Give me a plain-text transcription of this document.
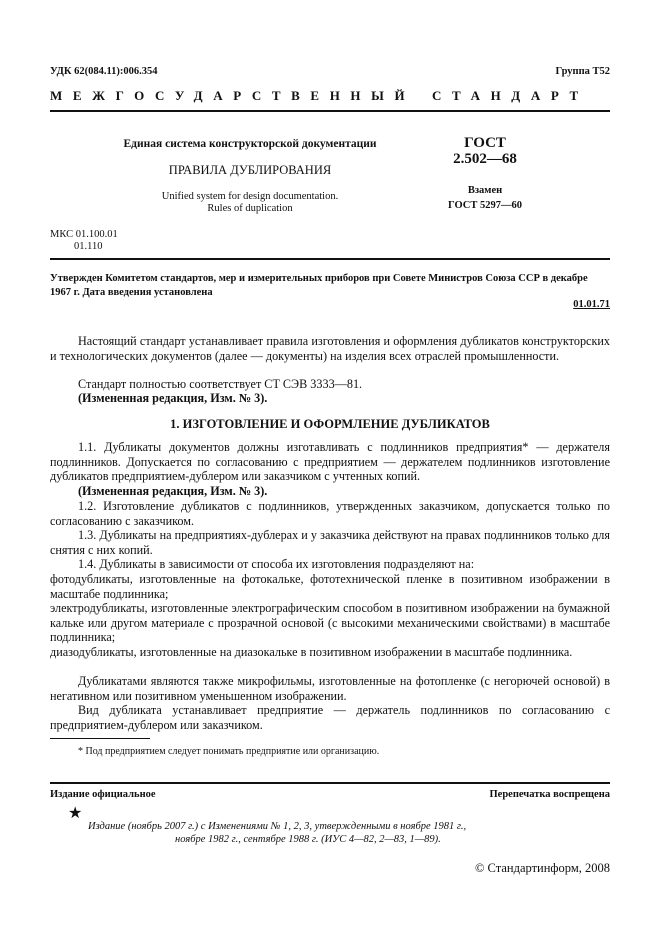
УДК 62(084.11):006.354	Группа Т52
МЕЖГОСУДАРСТВЕННЫЙ СТАНДАРТ
Единая система конструкторской документации
ПРАВИЛА ДУБЛИРОВАНИЯ
Unified system for design documentation.
Rules of duplication
ГОСТ
2.502—68
Взамен
ГОСТ 5297—60
МКС 01.100.01
01.110
Утвержден Комитетом стандартов, мер и измерительных приборов при Совете Министров Союза ССР в декабре 1967 г. Дата введения установлена
01.01.71
Настоящий стандарт устанавливает правила изготовления и оформления дубликатов конструкторских и технологических документов (далее — документы) на изделия всех отраслей промышленности.
Стандарт полностью соответствует СТ СЭВ 3333—81.
(Измененная редакция, Изм. № 3).
1. ИЗГОТОВЛЕНИЕ И ОФОРМЛЕНИЕ ДУБЛИКАТОВ
1.1. Дубликаты документов должны изготавливать с подлинников предприятия* — держателя подлинников. Допускается по согласованию с предприятием — держателем подлинников изготовление дубликатов предприятием-дублером или заказчиком с учтенных копий.
(Измененная редакция, Изм. № 3).
1.2. Изготовление дубликатов с подлинников, утвержденных заказчиком, допускается только по согласованию с заказчиком.
1.3. Дубликаты на предприятиях-дублерах и у заказчика действуют на правах подлинников только для снятия с них копий.
1.4. Дубликаты в зависимости от способа их изготовления подразделяют на:
фотодубликаты, изготовленные на фотокальке, фототехнической пленке в позитивном изображении в масштабе подлинника;
электродубликаты, изготовленные электрографическим способом в позитивном изображении на бумажной кальке или другом материале с прозрачной основой (с высокими механическими свойствами) в масштабе подлинника;
диазодубликаты, изготовленные на диазокальке в позитивном изображении в масштабе подлинника.
Дубликатами являются также микрофильмы, изготовленные на фотопленке (с негорючей основой) в негативном или позитивном уменьшенном изображении.
Вид дубликата устанавливает предприятие — держатель подлинников по согласованию с предприятием-дублером или заказчиком.
* Под предприятием следует понимать предприятие или организацию.
Издание официальное	Перепечатка воспрещена
★
Издание (ноябрь 2007 г.) с Изменениями № 1, 2, 3, утвержденными в ноябре 1981 г.,
ноябре 1982 г., сентябре 1988 г. (ИУС 4—82, 2—83, 1—89).
© Стандартинформ, 2008
